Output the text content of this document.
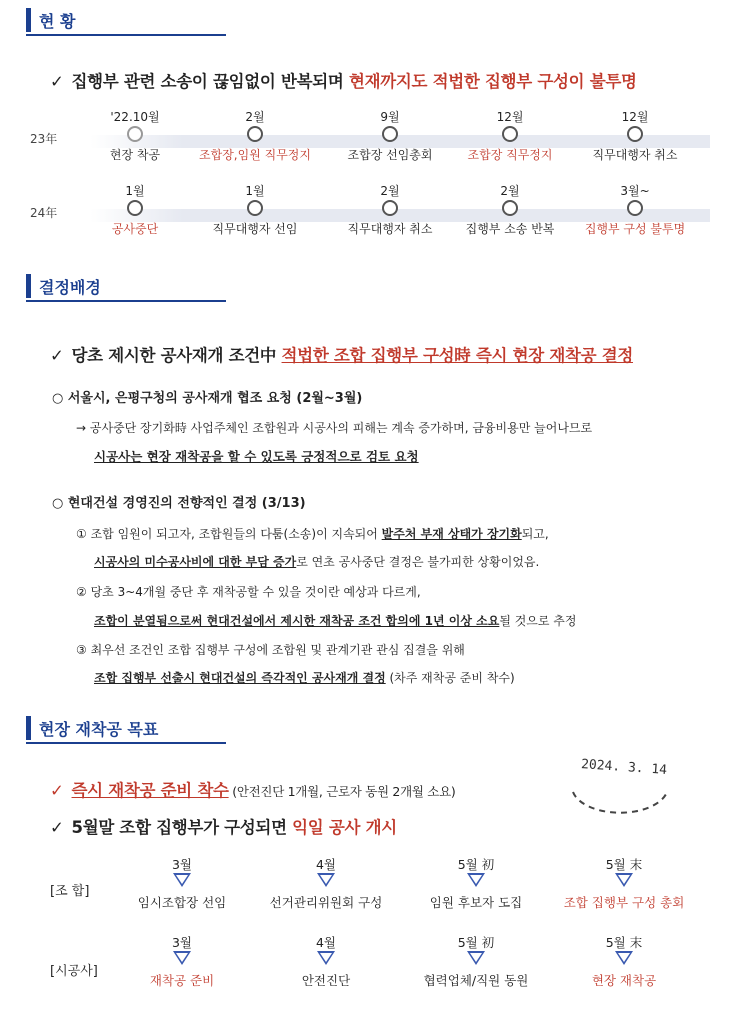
현 황
✓ 집행부 관련 소송이 끊임없이 반복되며 현재까지도 적법한 집행부 구성이 불투명
23年
'22.10월
현장 착공
2월
조합장,임원 직무정지
9월
조합장 선임총회
12월
조합장 직무정지
12월
직무대행자 취소
24年
1월
공사중단
1월
직무대행자 선임
2월
직무대행자 취소
2월
집행부 소송 반복
3월~
집행부 구성 불투명
결정배경
✓ 당초 제시한 공사재개 조건中 적법한 조합 집행부 구성時 즉시 현장 재착공 결정
○ 서울시, 은평구청의 공사재개 협조 요청 (2월~3월)
→ 공사중단 장기화時 사업주체인 조합원과 시공사의 피해는 계속 증가하며, 금융비용만 늘어나므로
시공사는 현장 재착공을 할 수 있도록 긍정적으로 검토 요청
○ 현대건설 경영진의 전향적인 결정 (3/13)
① 조합 임원이 되고자, 조합원들의 다툼(소송)이 지속되어 발주처 부재 상태가 장기화되고,
시공사의 미수공사비에 대한 부담 증가로 연초 공사중단 결정은 불가피한 상황이었음.
② 당초 3~4개월 중단 후 재착공할 수 있을 것이란 예상과 다르게,
조합이 분열됨으로써 현대건설에서 제시한 재착공 조건 합의에 1년 이상 소요될 것으로 추정
③ 최우선 조건인 조합 집행부 구성에 조합원 및 관계기관 관심 집결을 위해
조합 집행부 선출시 현대건설의 즉각적인 공사재개 결정 (차주 재착공 준비 착수)
현장 재착공 목표
✓ 즉시 재착공 준비 착수 (안전진단 1개월, 근로자 동원 2개월 소요)
✓ 5월말 조합 집행부가 구성되면 익일 공사 개시
2024. 3. 14
[조 합]
3월
임시조합장 선임
4월
선거관리위원회 구성
5월 初
임원 후보자 도집
5월 末
조합 집행부 구성 총회
[시공사]
3월
재착공 준비
4월
안전진단
5월 初
협력업체/직원 동원
5월 末
현장 재착공
